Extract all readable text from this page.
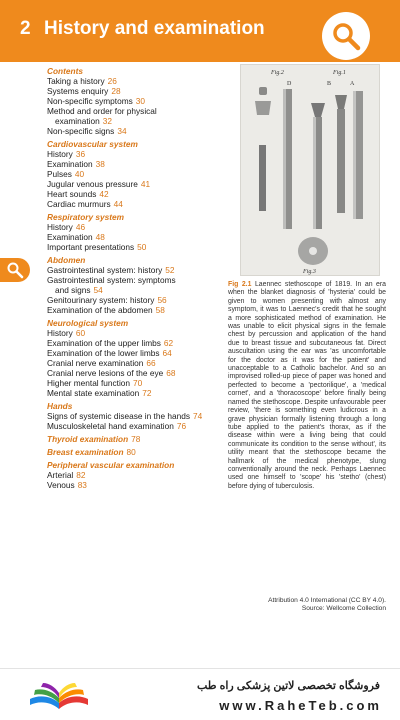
2 History and examination
Contents
Taking a history 26
Systems enquiry 28
Non-specific symptoms 30
Method and order for physical
examination 32
Non-specific signs 34
Cardiovascular system
History 36
Examination 38
Pulses 40
Jugular venous pressure 41
Heart sounds 42
Cardiac murmurs 44
Respiratory system
History 46
Examination 48
Important presentations 50
Abdomen
Gastrointestinal system: history 52
Gastrointestinal system: symptoms
and signs 54
Genitourinary system: history 56
Examination of the abdomen 58
Neurological system
History 60
Examination of the upper limbs 62
Examination of the lower limbs 64
Cranial nerve examination 66
Cranial nerve lesions of the eye 68
Higher mental function 70
Mental state examination 72
Hands
Signs of systemic disease in the hands 74
Musculoskeletal hand examination 76
Thyroid examination 78
Breast examination 80
Peripheral vascular examination
Arterial 82
Venous 83
Fig.2	Fig.1
D	B	A
Fig.3
Fig 2.1 Laennec stethoscope of 1819. In an era when the blanket diagnosis of 'hysteria' could be given to women presenting with almost any symptom, it was to Laennec's credit that he sought a more sophisticated method of examination. He was unable to elicit physical signs in the female chest by percussion and application of the hand due to breast tissue and subcutaneous fat. Direct auscultation using the ear was 'as uncomfortable for the doctor as it was for the patient' and unacceptable to a Catholic bachelor. And so an improvised rolled-up piece of paper was honed and perfected to become a 'pectorilique', a 'medical cornet', and a 'thoracoscope' before finally being named the stethoscope. Despite unfavourable peer review, 'there is something even ludicrous in a grave physician formally listening through a long tube applied to the patient's thorax, as if the disease within were a living being that could communicate its condition to the sense without', its utility meant that the stethoscope became the hallmark of the medical phenotype, slung conventionally around the neck. Perhaps Laennec used one himself to 'scope' his 'stetho' (chest) before dying of tuberculosis.
Attribution 4.0 International (CC BY 4.0).
Source: Wellcome Collection
فروشگاه تخصصی لاتین پزشکی راه طب
www.RaheTeb.com
